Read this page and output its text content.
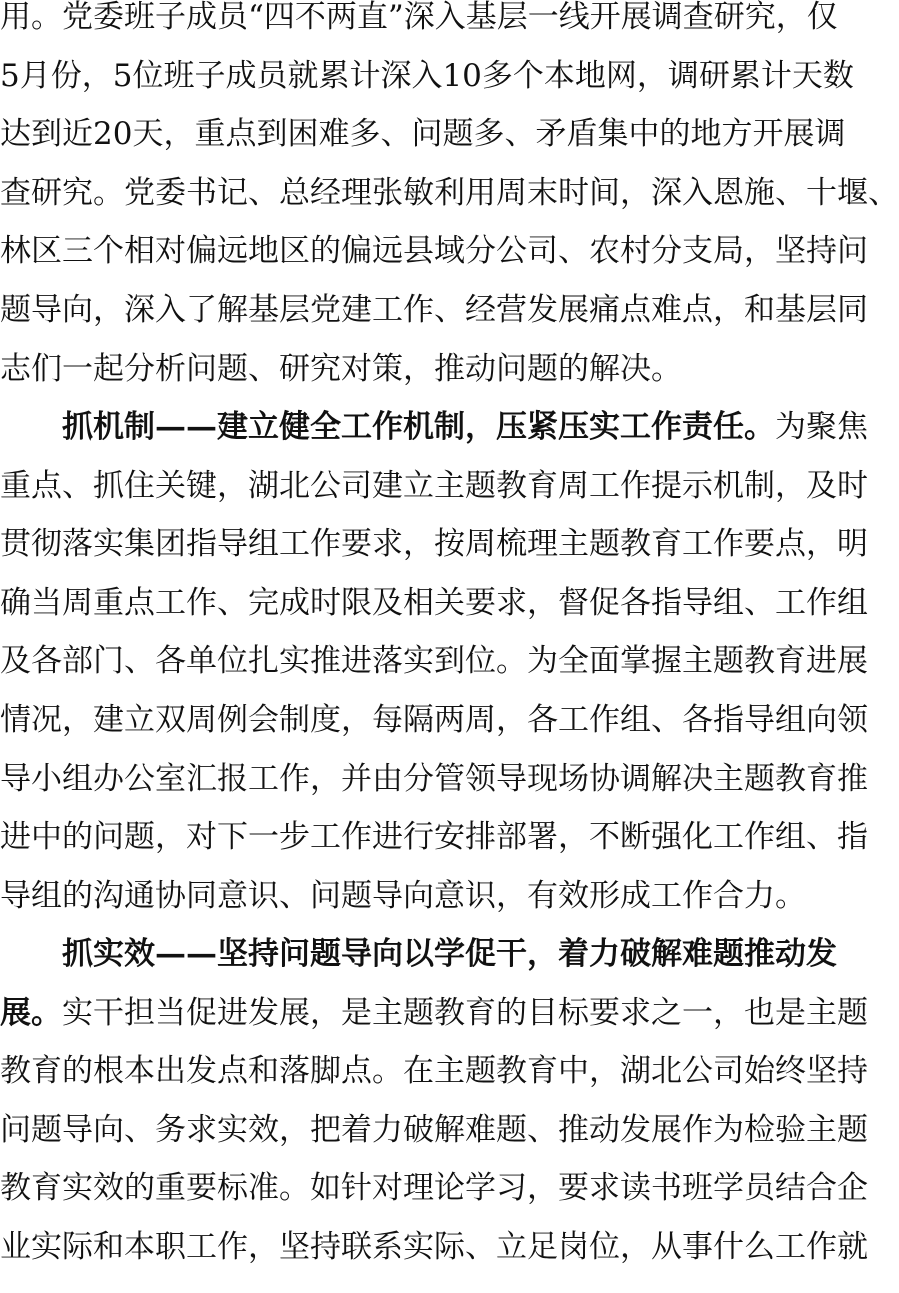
用。党委班子成员“四不两直”深入基层一线开展调查研究，仅
5月份，5位班子成员就累计深入10多个本地网，调研累计天数
达到近20天，重点到困难多、问题多、矛盾集中的地方开展调
查研究。党委书记、总经理张敏利用周末时间，深入恩施、十堰、
林区三个相对偏远地区的偏远县域分公司、农村分支局，坚持问
题导向，深入了解基层党建工作、经营发展痛点难点，和基层同
志们一起分析问题、研究对策，推动问题的解决。
抓机制——建立健全工作机制，压紧压实工作责任。为聚焦
重点、抓住关键，湖北公司建立主题教育周工作提示机制，及时
贯彻落实集团指导组工作要求，按周梳理主题教育工作要点，明
确当周重点工作、完成时限及相关要求，督促各指导组、工作组
及各部门、各单位扎实推进落实到位。为全面掌握主题教育进展
情况，建立双周例会制度，每隔两周，各工作组、各指导组向领
导小组办公室汇报工作，并由分管领导现场协调解决主题教育推
进中的问题，对下一步工作进行安排部署，不断强化工作组、指
导组的沟通协同意识、问题导向意识，有效形成工作合力。
抓实效——坚持问题导向以学促干，着力破解难题推动发
展。实干担当促进发展，是主题教育的目标要求之一，也是主题
教育的根本出发点和落脚点。在主题教育中，湖北公司始终坚持
问题导向、务求实效，把着力破解难题、推动发展作为检验主题
教育实效的重要标准。如针对理论学习，要求读书班学员结合企
业实际和本职工作，坚持联系实际、立足岗位，从事什么工作就
